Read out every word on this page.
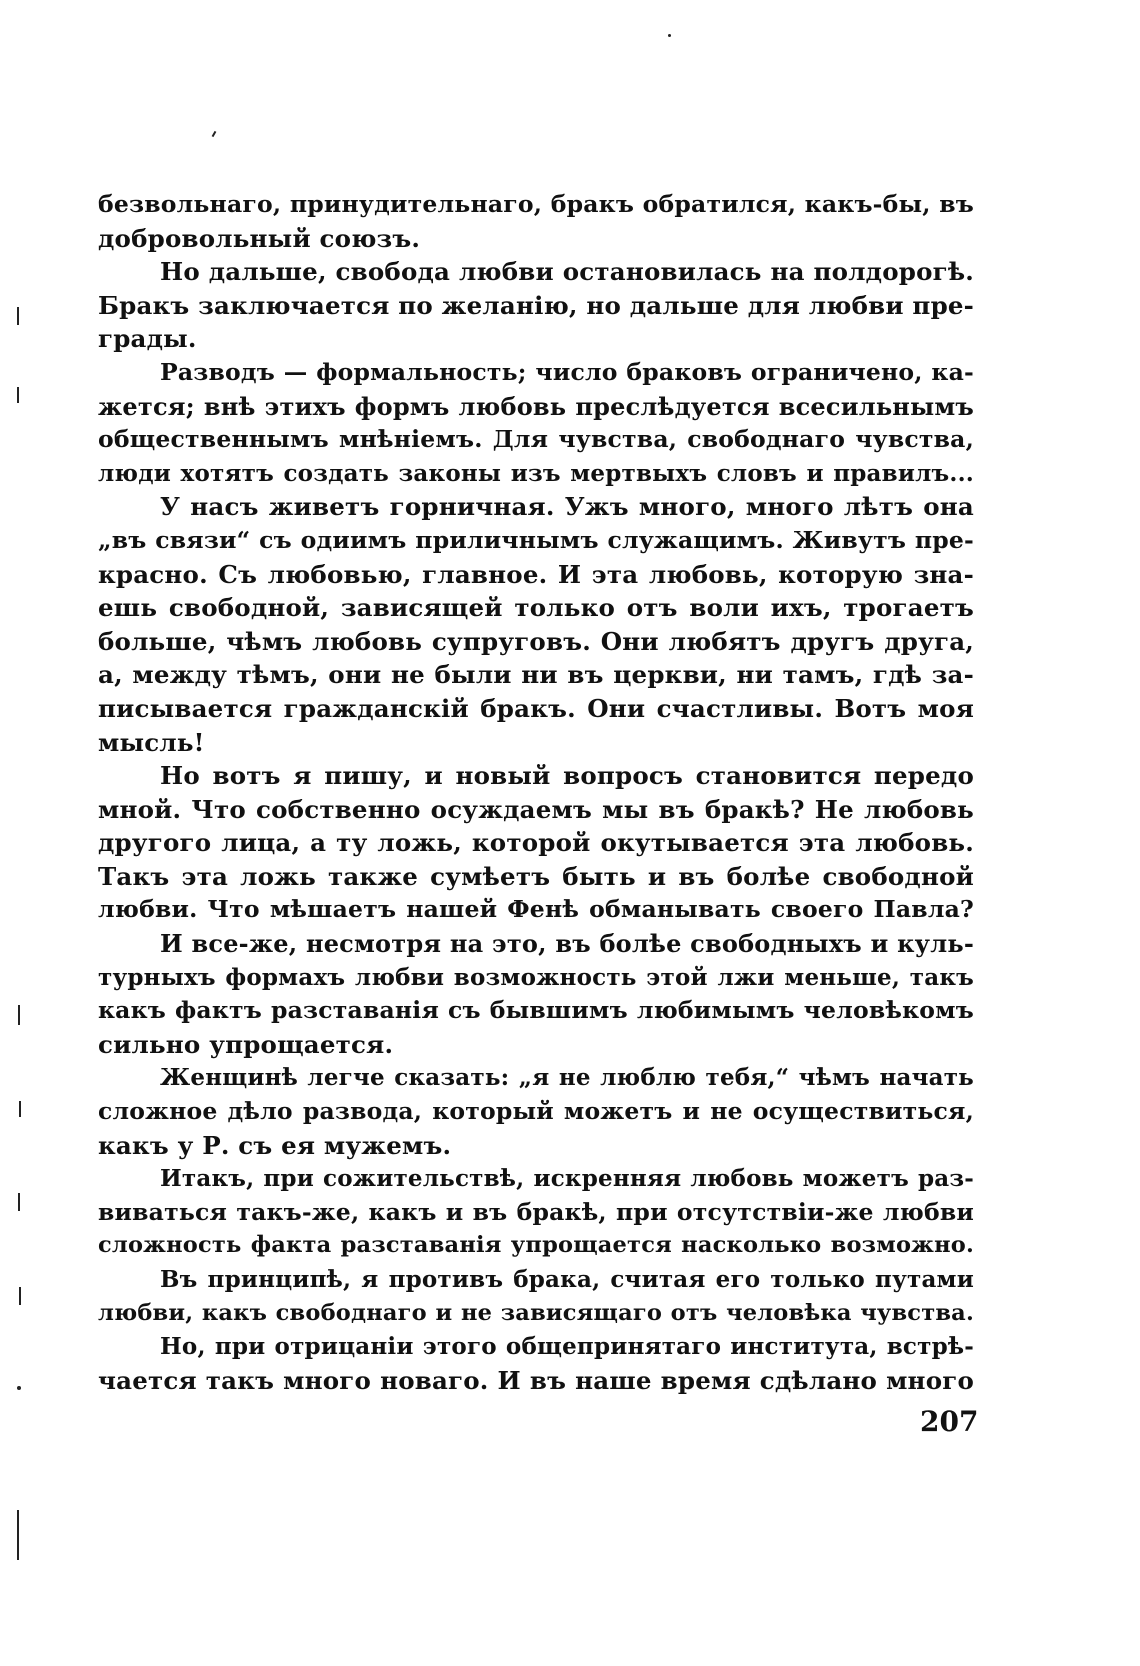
безвольнаго, принудительнаго, бракъ обратился, какъ-бы, въ
добровольный союзъ.
Но дальше, свобода любви остановилась на полдорогѣ.
Бракъ заключается по желанію, но дальше для любви пре-
грады.
Разводъ — формальность; число браковъ ограничено, ка-
жется; внѣ этихъ формъ любовь преслѣдуется всесильнымъ
общественнымъ мнѣніемъ. Для чувства, свободнаго чувства,
люди хотятъ создать законы изъ мертвыхъ словъ и правилъ...
У насъ живетъ горничная. Ужъ много, много лѣтъ она
„въ связи“ съ одиимъ приличнымъ служащимъ. Живутъ пре-
красно. Съ любовью, главное. И эта любовь, которую зна-
ешь свободной, зависящей только отъ воли ихъ, трогаетъ
больше, чѣмъ любовь супруговъ. Они любятъ другъ друга,
а, между тѣмъ, они не были ни въ церкви, ни тамъ, гдѣ за-
писывается гражданскій бракъ. Они счастливы. Вотъ моя
мысль!
Но вотъ я пишу, и новый вопросъ становится передо
мной. Что собственно осуждаемъ мы въ бракѣ? Не любовь
другого лица, а ту ложь, которой окутывается эта любовь.
Такъ эта ложь также сумѣетъ быть и въ болѣе свободной
любви. Что мѣшаетъ нашей Фенѣ обманывать своего Павла?
И все-же, несмотря на это, въ болѣе свободныхъ и куль-
турныхъ формахъ любви возможность этой лжи меньше, такъ
какъ фактъ разставанія съ бывшимъ любимымъ человѣкомъ
сильно упрощается.
Женщинѣ легче сказать: „я не люблю тебя,“ чѣмъ начать
сложное дѣло развода, который можетъ и не осуществиться,
какъ у Р. съ ея мужемъ.
Итакъ, при сожительствѣ, искренняя любовь можетъ раз-
виваться такъ-же, какъ и въ бракѣ, при отсутствіи-же любви
сложность факта разставанія упрощается насколько возможно.
Въ принципѣ, я противъ брака, считая его только путами
любви, какъ свободнаго и не зависящаго отъ человѣка чувства.
Но, при отрицаніи этого общепринятаго института, встрѣ-
чается такъ много новаго. И въ наше время сдѣлано много
207
